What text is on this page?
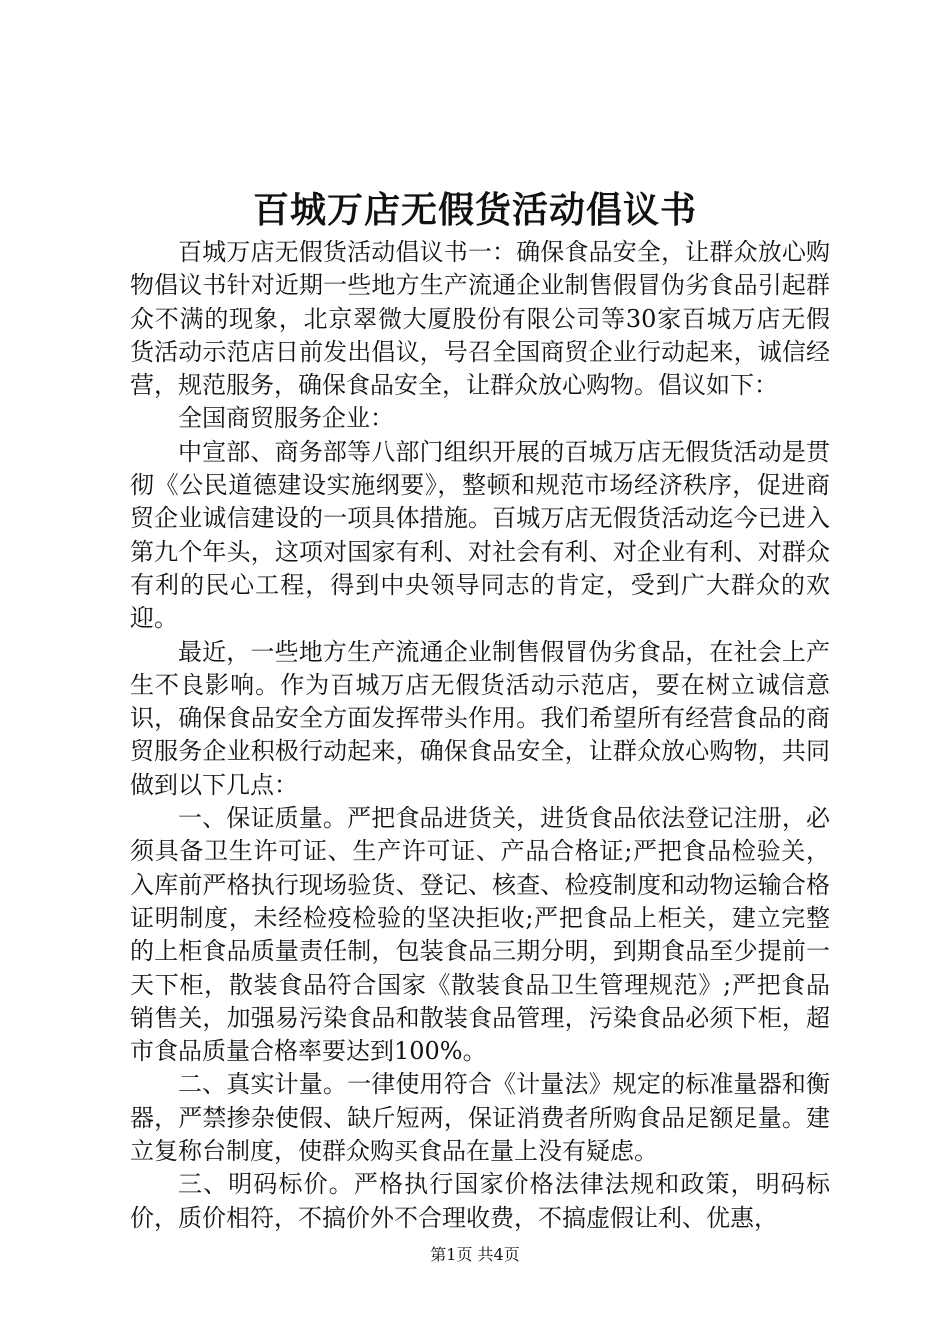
百城万店无假货活动倡议书

百城万店无假货活动倡议书一：确保食品安全，让群众放心购物倡议书针对近期一些地方生产流通企业制售假冒伪劣食品引起群众不满的现象，北京翠微大厦股份有限公司等30家百城万店无假货活动示范店日前发出倡议，号召全国商贸企业行动起来，诚信经营，规范服务，确保食品安全，让群众放心购物。倡议如下：

全国商贸服务企业：

中宣部、商务部等八部门组织开展的百城万店无假货活动是贯彻《公民道德建设实施纲要》，整顿和规范市场经济秩序，促进商贸企业诚信建设的一项具体措施。百城万店无假货活动迄今已进入第九个年头，这项对国家有利、对社会有利、对企业有利、对群众有利的民心工程，得到中央领导同志的肯定，受到广大群众的欢迎。

最近，一些地方生产流通企业制售假冒伪劣食品，在社会上产生不良影响。作为百城万店无假货活动示范店，要在树立诚信意识，确保食品安全方面发挥带头作用。我们希望所有经营食品的商贸服务企业积极行动起来，确保食品安全，让群众放心购物，共同做到以下几点：

一、保证质量。严把食品进货关，进货食品依法登记注册，必须具备卫生许可证、生产许可证、产品合格证;严把食品检验关，入库前严格执行现场验货、登记、核查、检疫制度和动物运输合格证明制度，未经检疫检验的坚决拒收;严把食品上柜关，建立完整的上柜食品质量责任制，包装食品三期分明，到期食品至少提前一天下柜，散装食品符合国家《散装食品卫生管理规范》;严把食品销售关，加强易污染食品和散装食品管理，污染食品必须下柜，超市食品质量合格率要达到100%。

二、真实计量。一律使用符合《计量法》规定的标准量器和衡器，严禁掺杂使假、缺斤短两，保证消费者所购食品足额足量。建立复称台制度，使群众购买食品在量上没有疑虑。

三、明码标价。严格执行国家价格法律法规和政策，明码标价，质价相符，不搞价外不合理收费，不搞虚假让利、优惠，

第1页 共4页
